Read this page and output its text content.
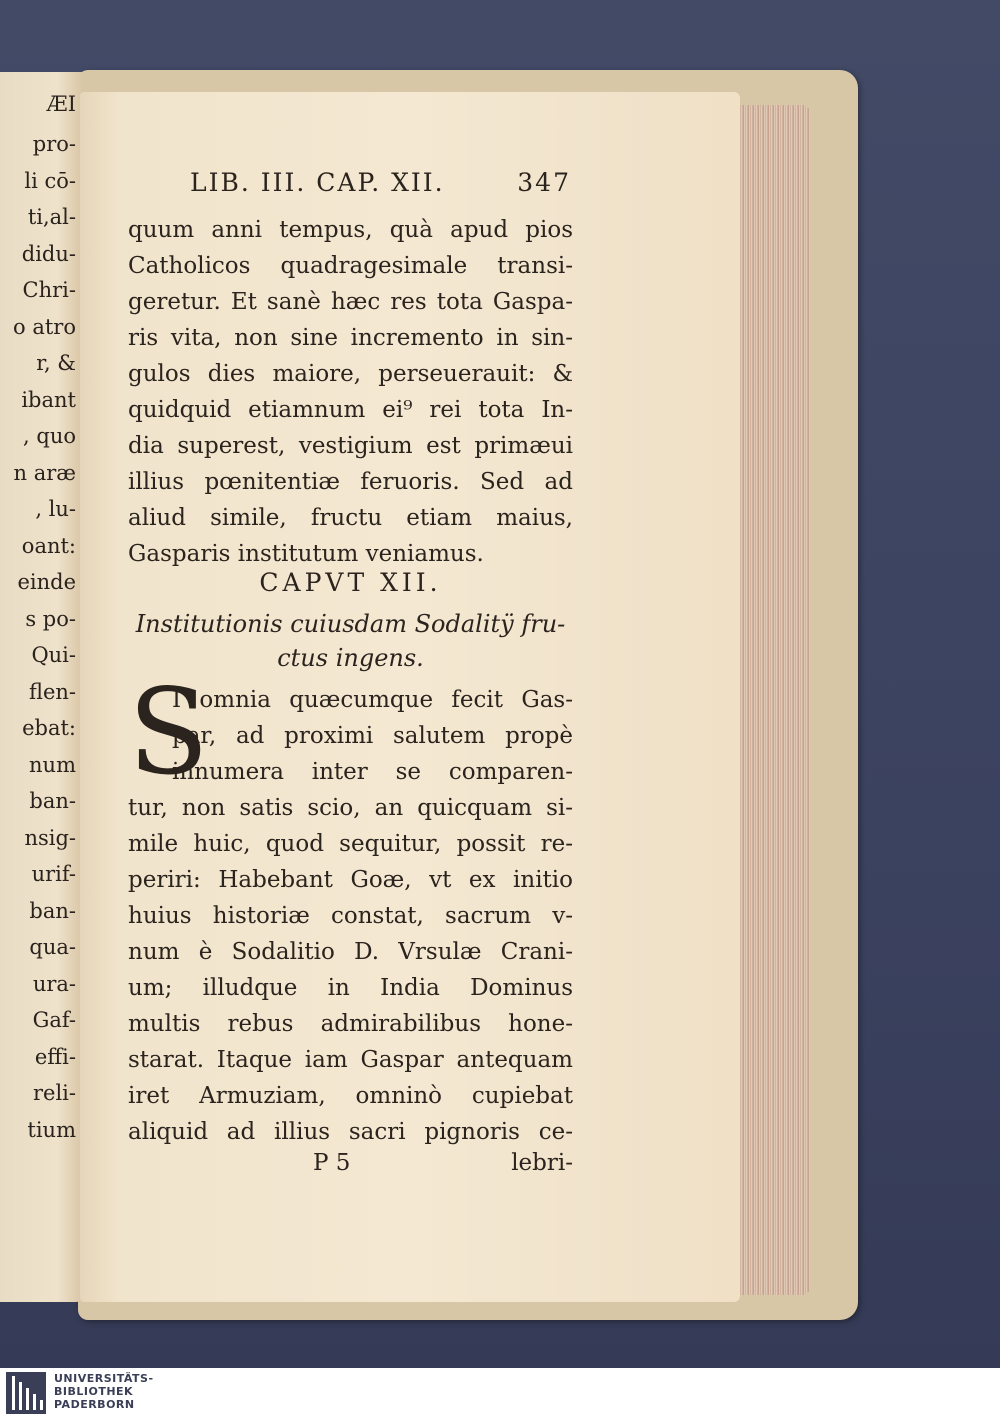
ÆI
pro-
li cō-
ti,al-
didu-
Chri-
o atro
r, &
ibant
, quo
n aræ
, lu-
oant:
einde
s po-
Qui-
flen-
ebat:
num
ban-
nsig-
urif-
ban-
qua-
ura-
Gaf-
effi-
reli-
tium
LIB. III. CAP. XII.	347
quum anni tempus, quà apud pios
Catholicos quadragesimale transi-
geretur. Et sanè hæc res tota Gaspa-
ris vita, non sine incremento in sin-
gulos dies maiore, perseuerauit: &
quidquid etiamnum ei⁹ rei tota In-
dia superest, vestigium est primæui
illius pœnitentiæ feruoris. Sed ad
aliud simile, fructu etiam maius,
Gasparis institutum veniamus.
CAPVT XII.
Institutionis cuiusdam Sodalitÿ fru-
ctus ingens.
S
I omnia quæcumque fecit Gas-
par, ad proximi salutem propè
innumera inter se comparen-
tur, non satis scio, an quicquam si-
mile huic, quod sequitur, possit re-
periri: Habebant Goæ, vt ex initio
huius historiæ constat, sacrum v-
num è Sodalitio D. Vrsulæ Crani-
um; illudque in India Dominus
multis rebus admirabilibus hone-
starat. Itaque iam Gaspar antequam
iret Armuziam, omninò cupiebat
aliquid ad illius sacri pignoris ce-
P 5	lebri-
UNIVERSITÄTS-
BIBLIOTHEK
PADERBORN
